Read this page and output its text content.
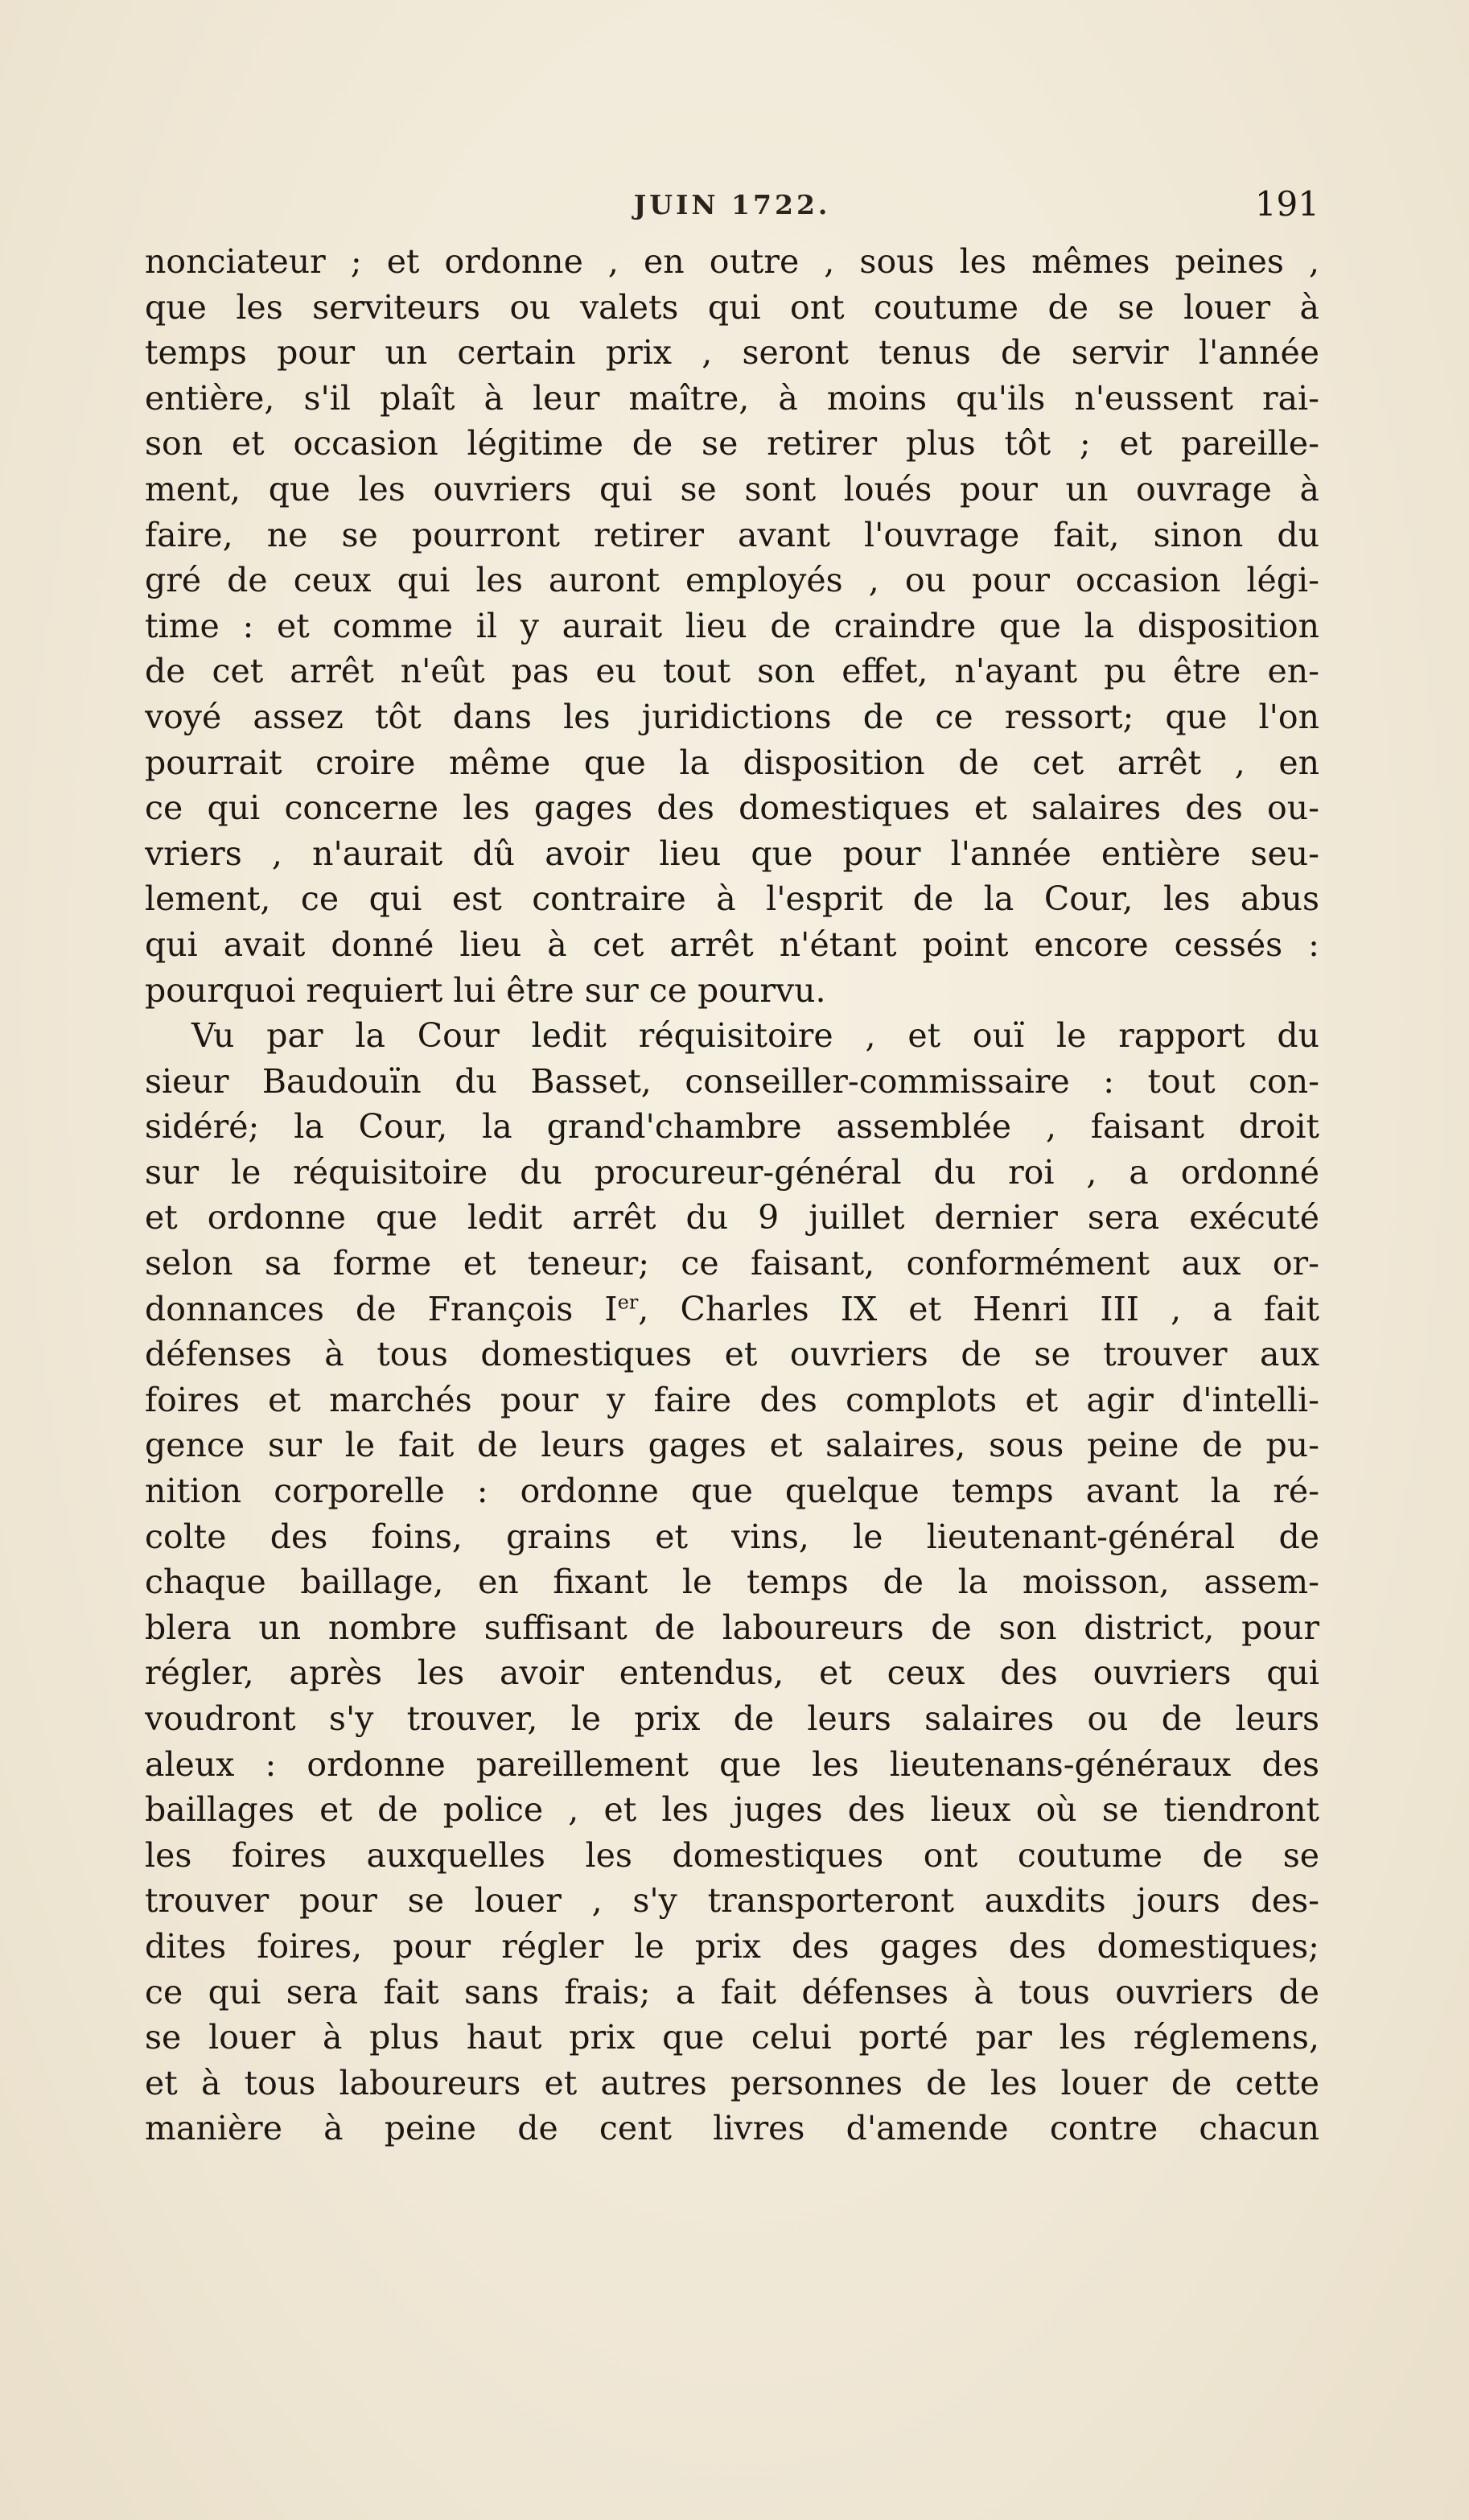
JUIN 1722.	191
nonciateur ; et ordonne , en outre , sous les mêmes peines ,
que les serviteurs ou valets qui ont coutume de se louer à
temps pour un certain prix , seront tenus de servir l'année
entière, s'il plaît à leur maître, à moins qu'ils n'eussent rai-
son et occasion légitime de se retirer plus tôt ; et pareille-
ment, que les ouvriers qui se sont loués pour un ouvrage à
faire, ne se pourront retirer avant l'ouvrage fait, sinon du
gré de ceux qui les auront employés , ou pour occasion légi-
time : et comme il y aurait lieu de craindre que la disposition
de cet arrêt n'eût pas eu tout son effet, n'ayant pu être en-
voyé assez tôt dans les juridictions de ce ressort; que l'on
pourrait croire même que la disposition de cet arrêt , en
ce qui concerne les gages des domestiques et salaires des ou-
vriers , n'aurait dû avoir lieu que pour l'année entière seu-
lement, ce qui est contraire à l'esprit de la Cour, les abus
qui avait donné lieu à cet arrêt n'étant point encore cessés :
pourquoi requiert lui être sur ce pourvu.
Vu par la Cour ledit réquisitoire , et ouï le rapport du
sieur Baudouïn du Basset, conseiller-commissaire : tout con-
sidéré; la Cour, la grand'chambre assemblée , faisant droit
sur le réquisitoire du procureur-général du roi , a ordonné
et ordonne que ledit arrêt du 9 juillet dernier sera exécuté
selon sa forme et teneur; ce faisant, conformément aux or-
donnances de François Ier, Charles IX et Henri III , a fait
défenses à tous domestiques et ouvriers de se trouver aux
foires et marchés pour y faire des complots et agir d'intelli-
gence sur le fait de leurs gages et salaires, sous peine de pu-
nition corporelle : ordonne que quelque temps avant la ré-
colte des foins, grains et vins, le lieutenant-général de
chaque baillage, en fixant le temps de la moisson, assem-
blera un nombre suffisant de laboureurs de son district, pour
régler, après les avoir entendus, et ceux des ouvriers qui
voudront s'y trouver, le prix de leurs salaires ou de leurs
aleux : ordonne pareillement que les lieutenans-généraux des
baillages et de police , et les juges des lieux où se tiendront
les foires auxquelles les domestiques ont coutume de se
trouver pour se louer , s'y transporteront auxdits jours des-
dites foires, pour régler le prix des gages des domestiques;
ce qui sera fait sans frais; a fait défenses à tous ouvriers de
se louer à plus haut prix que celui porté par les réglemens,
et à tous laboureurs et autres personnes de les louer de cette
manière à peine de cent livres d'amende contre chacun
